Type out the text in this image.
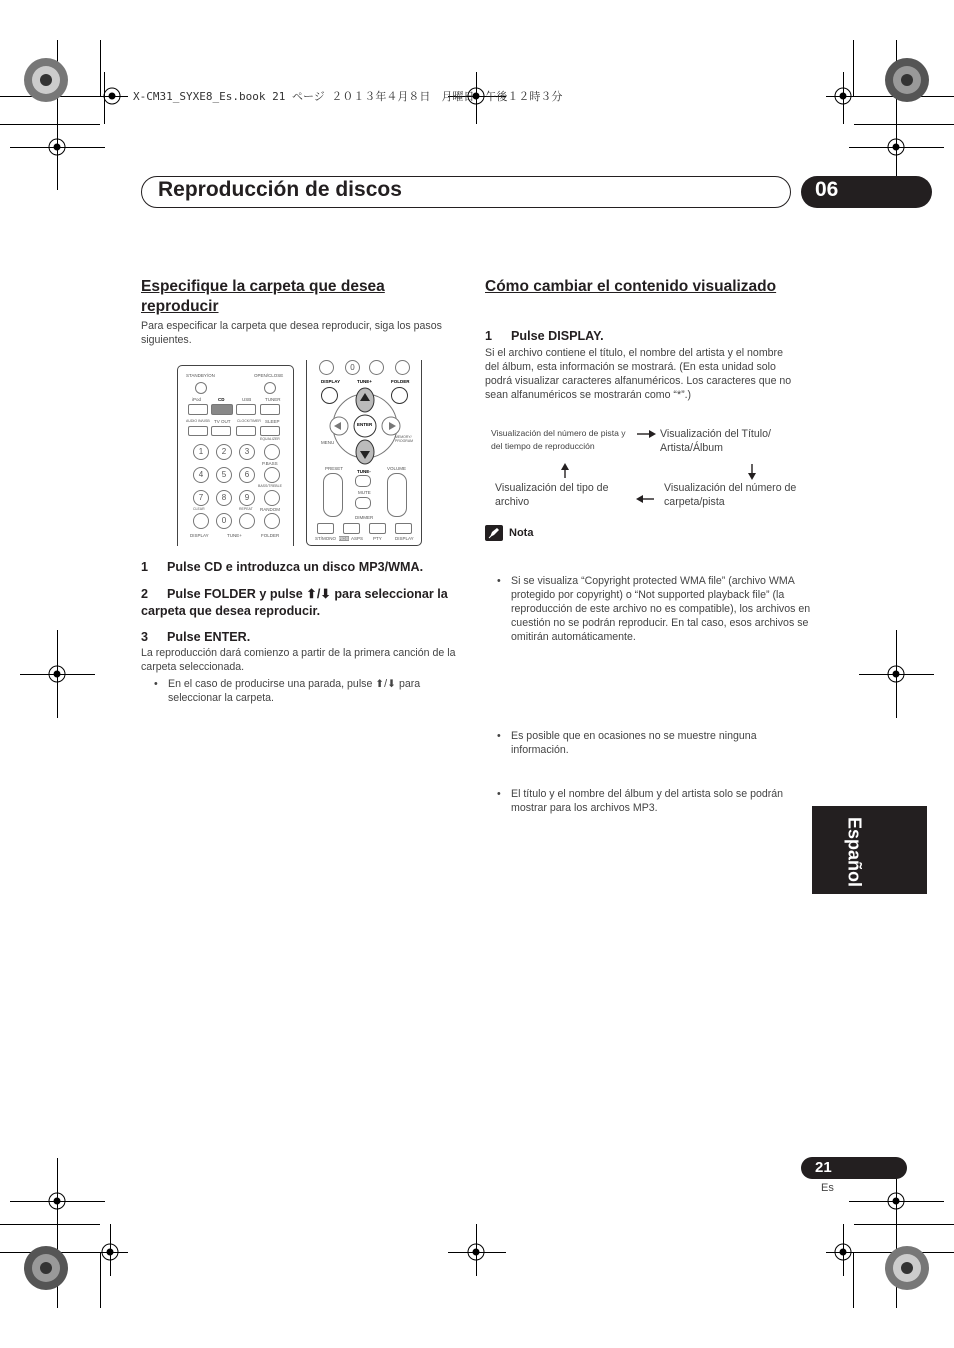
X-CM31_SYXE8_Es.book 21 ページ ２０１３年４月８日　月曜日　午後１２時３分
Reproducción de discos	06
Especifique la carpeta que desea reproducir
Para especificar la carpeta que desea reproducir, siga los pasos siguientes.
STANDBY/ON	OPEN/CLOSE
iPod	CD	USB	TUNER
AUDIO IN/USB TV OUT CLOCK/TIMER SLEEP
EQUALIZER
1	2	3
P.BASS
4	5	6
BASS/TREBLE
7	8	9
CLEAR	REPEAT RANDOM
0
DISPLAY	TUNE+	FOLDER
0
DISPLAY	TUNE+	FOLDER
ENTER
MENU
MEMORY/ PROGRAM
TUNE-
PRESET	VOLUME
MUTE
DIMMER
ST/MONO RDS ASPS PTY	DISPLAY
1 Pulse CD e introduzca un disco MP3/WMA.
2 Pulse FOLDER y pulse ⬆/⬇ para seleccionar la carpeta que desea reproducir.
3 Pulse ENTER.
La reproducción dará comienzo a partir de la primera canción de la carpeta seleccionada.
• En el caso de producirse una parada, pulse ⬆/⬇ para seleccionar la carpeta.
Cómo cambiar el contenido visualizado
1 Pulse DISPLAY.
Si el archivo contiene el título, el nombre del artista y el nombre del álbum, esta información se mostrará. (En esta unidad solo podrá visualizar caracteres alfanuméricos. Los caracteres que no sean alfanuméricos se mostrarán como “*”.)
Visualización del número de pista y del tiempo de reproducción
Visualización del Título/ Artista/Álbum
Visualización del tipo de archivo
Visualización del número de carpeta/pista
Nota
• Si se visualiza “Copyright protected WMA file” (archivo WMA protegido por copyright) o “Not supported playback file” (la reproducción de este archivo no es compatible), los archivos en cuestión no se podrán reproducir. En tal caso, esos archivos se omitirán automáticamente.
• Es posible que en ocasiones no se muestre ninguna información.
• El título y el nombre del álbum y del artista solo se podrán mostrar para los archivos MP3.
Español
21
Es
